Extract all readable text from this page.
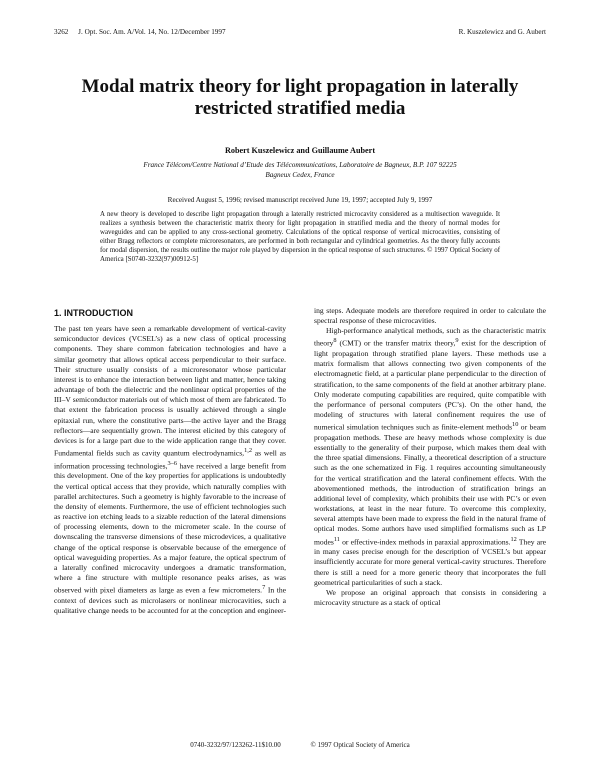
3262 J. Opt. Soc. Am. A/Vol. 14, No. 12/December 1997	R. Kuszelewicz and G. Aubert
Modal matrix theory for light propagation in laterally restricted stratified media
Robert Kuszelewicz and Guillaume Aubert
France Télécom/Centre National d’Etude des Télécommunications, Laboratoire de Bagneux, B.P. 107 92225
Bagneux Cedex, France
Received August 5, 1996; revised manuscript received June 19, 1997; accepted July 9, 1997
A new theory is developed to describe light propagation through a laterally restricted microcavity considered as a multisection waveguide. It realizes a synthesis between the characteristic matrix theory for light propagation in stratified media and the theory of normal modes for waveguides and can be applied to any cross-sectional geometry. Calculations of the optical response of vertical microcavities, consisting of either Bragg reflectors or complete microresonators, are performed in both rectangular and cylindrical geometries. As the theory fully accounts for modal dispersion, the results outline the major role played by dispersion in the optical response of such structures. © 1997 Optical Society of America [S0740-3232(97)00912-5]
1. INTRODUCTION

The past ten years have seen a remarkable development of vertical-cavity semiconductor devices (VCSEL’s) as a new class of optical processing components. They share common fabrication technologies and have a similar geometry that allows optical access perpendicular to their surface. Their structure usually consists of a microresonator whose particular interest is to enhance the interaction between light and matter, hence taking advantage of both the dielectric and the nonlinear optical properties of the III–V semiconductor materials out of which most of them are fabricated. To that extent the fabrication process is usually achieved through a single epitaxial run, where the constitutive parts—the active layer and the Bragg reflectors—are sequentially grown. The interest elicited by this category of devices is for a large part due to the wide application range that they cover. Fundamental fields such as cavity quantum electrodynamics,$^{1,2}$ as well as information processing technologies,$^{3-6}$ have received a large benefit from this development. One of the key properties for applications is undoubtedly the vertical optical access that they provide, which naturally complies with parallel architectures. Such a geometry is highly favorable to the increase of the density of elements. Furthermore, the use of efficient technologies such as reactive ion etching leads to a sizable reduction of the lateral dimensions of processing elements, down to the micrometer scale. In the course of downscaling the transverse dimensions of these microdevices, a qualitative change of the optical response is observable because of the emergence of optical waveguiding properties. As a major feature, the optical spectrum of a laterally confined microcavity undergoes a dramatic transformation, where a fine structure with multiple resonance peaks arises, as was observed with pixel diameters as large as even a few micrometers.$^7$ In the context of devices such as microlasers or nonlinear microcavities, such a qualitative change needs to be accounted for at the conception and engineer-

ing steps. Adequate models are therefore required in order to calculate the spectral response of these microcavities.

High-performance analytical methods, such as the characteristic matrix theory$^8$ (CMT) or the transfer matrix theory,$^9$ exist for the description of light propagation through stratified plane layers. These methods use a matrix formalism that allows connecting two given components of the electromagnetic field, at a particular plane perpendicular to the direction of stratification, to the same components of the field at another arbitrary plane. Only moderate computing capabilities are required, quite compatible with the performance of personal computers (PC’s). On the other hand, the modeling of structures with lateral confinement requires the use of numerical simulation techniques such as finite-element methods$^{10}$ or beam propagation methods. These are heavy methods whose complexity is due essentially to the generality of their purpose, which makes them deal with the three spatial dimensions. Finally, a theoretical description of a structure such as the one schematized in Fig. 1 requires accounting simultaneously for the vertical stratification and the lateral confinement effects. With the abovementioned methods, the introduction of stratification brings an additional level of complexity, which prohibits their use with PC’s or even workstations, at least in the near future. To overcome this complexity, several attempts have been made to express the field in the natural frame of optical modes. Some authors have used simplified formalisms such as LP modes$^{11}$ or effective-index methods in paraxial approximations.$^{12}$ They are in many cases precise enough for the description of VCSEL’s but appear insufficiently accurate for more general vertical-cavity structures. Therefore there is still a need for a more generic theory that incorporates the full geometrical particularities of such a stack.

We propose an original approach that consists in considering a microcavity structure as a stack of optical

0740-3232/97/123262-11$10.00	© 1997 Optical Society of America
